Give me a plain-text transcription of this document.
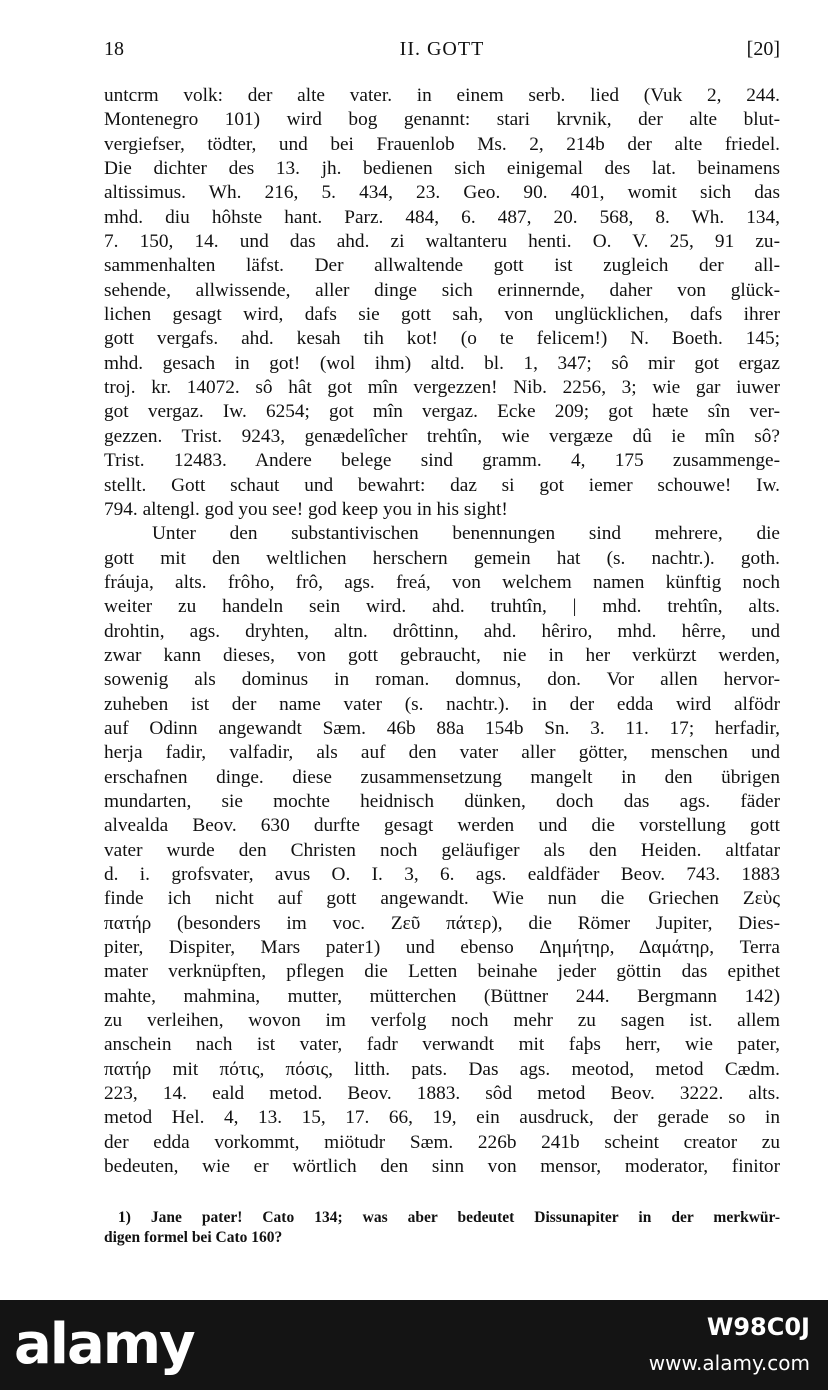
18	II. GOTT	[20]
untcrm volk: der alte vater. in einem serb. lied (Vuk 2, 244.
Montenegro 101) wird bog genannt: stari krvnik, der alte blut-
vergiefser, tödter, und bei Frauenlob Ms. 2, 214b der alte friedel.
Die dichter des 13. jh. bedienen sich einigemal des lat. beinamens
altissimus. Wh. 216, 5. 434, 23. Geo. 90. 401, womit sich das
mhd. diu hôhste hant. Parz. 484, 6. 487, 20. 568, 8. Wh. 134,
7. 150, 14. und das ahd. zi waltanteru henti. O. V. 25, 91 zu-
sammenhalten läfst. Der allwaltende gott ist zugleich der all-
sehende, allwissende, aller dinge sich erinnernde, daher von glück-
lichen gesagt wird, dafs sie gott sah, von unglücklichen, dafs ihrer
gott vergafs. ahd. kesah tih kot! (o te felicem!) N. Boeth. 145;
mhd. gesach in got! (wol ihm) altd. bl. 1, 347; sô mir got ergaz
troj. kr. 14072. sô hât got mîn vergezzen! Nib. 2256, 3; wie gar iuwer
got vergaz. Iw. 6254; got mîn vergaz. Ecke 209; got hæte sîn ver-
gezzen. Trist. 9243, genædelîcher trehtîn, wie vergæze dû ie mîn sô?
Trist. 12483. Andere belege sind gramm. 4, 175 zusammenge-
stellt. Gott schaut und bewahrt: daz si got iemer schouwe! Iw.
794. altengl. god you see! god keep you in his sight!
Unter den substantivischen benennungen sind mehrere, die
gott mit den weltlichen herschern gemein hat (s. nachtr.). goth.
fráuja, alts. frôho, frô, ags. freá, von welchem namen künftig noch
weiter zu handeln sein wird. ahd. truhtîn, | mhd. trehtîn, alts.
drohtin, ags. dryhten, altn. drôttinn, ahd. hêriro, mhd. hêrre, und
zwar kann dieses, von gott gebraucht, nie in her verkürzt werden,
sowenig als dominus in roman. domnus, don. Vor allen hervor-
zuheben ist der name vater (s. nachtr.). in der edda wird alfödr
auf Odinn angewandt Sæm. 46b 88a 154b Sn. 3. 11. 17; herfadir,
herja fadir, valfadir, als auf den vater aller götter, menschen und
erschafnen dinge. diese zusammensetzung mangelt in den übrigen
mundarten, sie mochte heidnisch dünken, doch das ags. fäder
alvealda Beov. 630 durfte gesagt werden und die vorstellung gott
vater wurde den Christen noch geläufiger als den Heiden. altfatar
d. i. grofsvater, avus O. I. 3, 6. ags. ealdfäder Beov. 743. 1883
finde ich nicht auf gott angewandt. Wie nun die Griechen Ζεὺς
πατήρ (besonders im voc. Ζεῦ πάτερ), die Römer Jupiter, Dies-
piter, Dispiter, Mars pater1) und ebenso Δημήτηρ, Δαμάτηρ, Terra
mater verknüpften, pflegen die Letten beinahe jeder göttin das epithet
mahte, mahmina, mutter, mütterchen (Büttner 244. Bergmann 142)
zu verleihen, wovon im verfolg noch mehr zu sagen ist. allem
anschein nach ist vater, fadr verwandt mit faþs herr, wie pater,
πατήρ mit πότις, πόσις, litth. pats. Das ags. meotod, metod Cædm.
223, 14. eald metod. Beov. 1883. sôd metod Beov. 3222. alts.
metod Hel. 4, 13. 15, 17. 66, 19, ein ausdruck, der gerade so in
der edda vorkommt, miötudr Sæm. 226b 241b scheint creator zu
bedeuten, wie er wörtlich den sinn von mensor, moderator, finitor
1) Jane pater! Cato 134; was aber bedeutet Dissunapiter in der merkwür-
digen formel bei Cato 160?
alamy	W98C0J
www.alamy.com
